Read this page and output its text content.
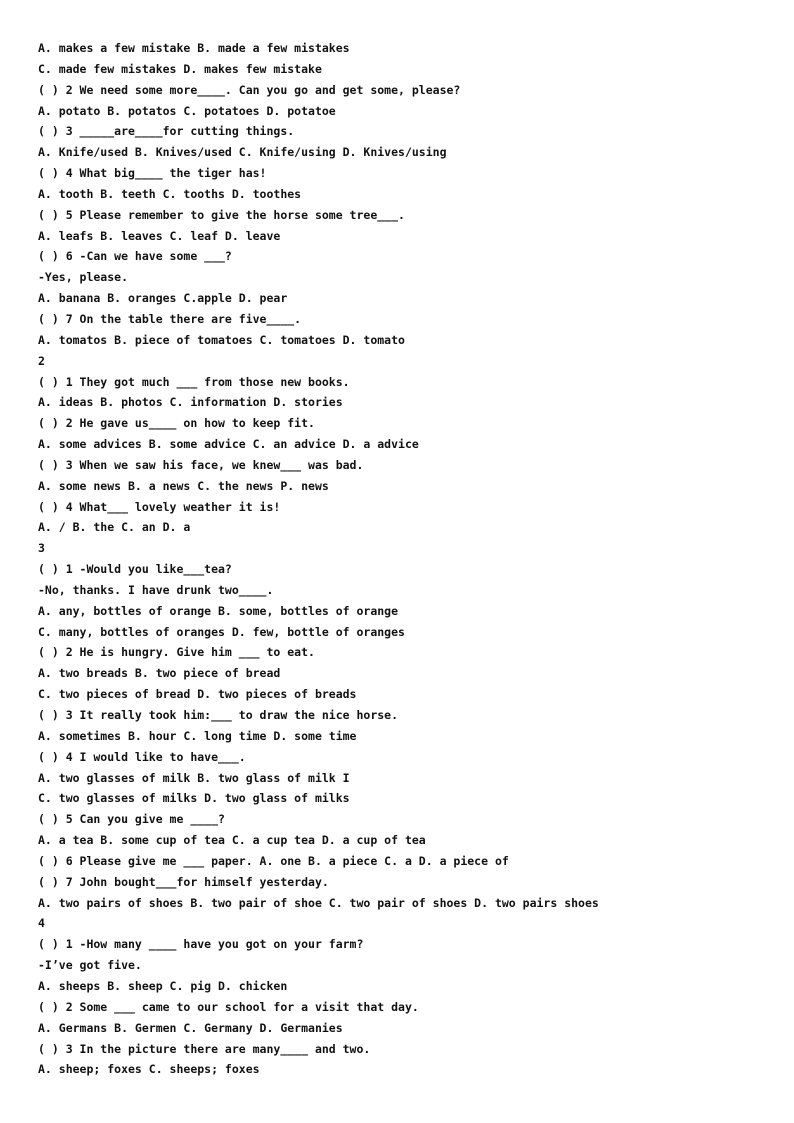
A. makes a few mistake B. made a few mistakes
C. made few mistakes D. makes few mistake
( ) 2 We need some more____. Can you go and get some, please?
A. potato B. potatos C. potatoes D. potatoe
( ) 3 _____are____for cutting things.
A. Knife/used B. Knives/used C. Knife/using D. Knives/using
( ) 4 What big____ the tiger has!
A. tooth B. teeth C. tooths D. toothes
( ) 5 Please remember to give the horse some tree___.
A. leafs B. leaves C. leaf D. leave
( ) 6 -Can we have some ___?
-Yes, please.
A. banana B. oranges C.apple D. pear
( ) 7 On the table there are five____.
A. tomatos B. piece of tomatoes C. tomatoes D. tomato
2
( ) 1 They got much ___ from those new books.
A. ideas B. photos C. information D. stories
( ) 2 He gave us____ on how to keep fit.
A. some advices B. some advice C. an advice D. a advice
( ) 3 When we saw his face, we knew___ was bad.
A. some news B. a news C. the news P. news
( ) 4 What___ lovely weather it is!
A. / B. the C. an D. a
3
( ) 1 -Would you like___tea?
-No, thanks. I have drunk two____.
A. any, bottles of orange B. some, bottles of orange
C. many, bottles of oranges D. few, bottle of oranges
( ) 2 He is hungry. Give him ___ to eat.
A. two breads B. two piece of bread
C. two pieces of bread D. two pieces of breads
( ) 3 It really took him:___ to draw the nice horse.
A. sometimes B. hour C. long time D. some time
( ) 4 I would like to have___.
A. two glasses of milk B. two glass of milk I
C. two glasses of milks D. two glass of milks
( ) 5 Can you give me ____?
A. a tea B. some cup of tea C. a cup tea D. a cup of tea
( ) 6 Please give me ___ paper. A. one B. a piece C. a D. a piece of
( ) 7 John bought___for himself yesterday.
A. two pairs of shoes B. two pair of shoe C. two pair of shoes D. two pairs shoes
4
( ) 1 -How many ____ have you got on your farm?
-I’ve got five.
A. sheeps B. sheep C. pig D. chicken
( ) 2 Some ___ came to our school for a visit that day.
A. Germans B. Germen C. Germany D. Germanies
( ) 3 In the picture there are many____ and two.
A. sheep; foxes C. sheeps; foxes
